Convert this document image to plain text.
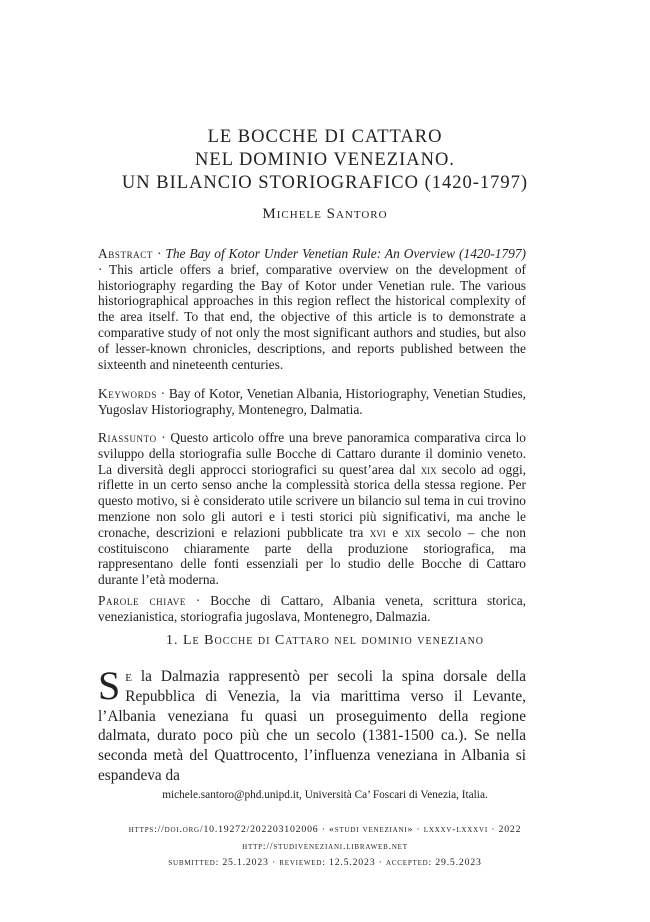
LE BOCCHE DI CATTARO
NEL DOMINIO VENEZIANO.
UN BILANCIO STORIOGRAFICO (1420-1797)
Michele Santoro
Abstract · The Bay of Kotor Under Venetian Rule: An Overview (1420-1797) · This article offers a brief, comparative overview on the development of historiography regarding the Bay of Kotor under Venetian rule. The various historiographical approaches in this region reflect the historical complexity of the area itself. To that end, the objective of this article is to demonstrate a comparative study of not only the most significant authors and studies, but also of lesser-known chronicles, descriptions, and reports published between the sixteenth and nineteenth centuries.
Keywords · Bay of Kotor, Venetian Albania, Historiography, Venetian Studies, Yugoslav Historiography, Montenegro, Dalmatia.
Riassunto · Questo articolo offre una breve panoramica comparativa circa lo sviluppo della storiografia sulle Bocche di Cattaro durante il dominio veneto. La diversità degli approcci storiografici su quest’area dal xix secolo ad oggi, riflette in un certo senso anche la complessità storica della stessa regione. Per questo motivo, si è considerato utile scrivere un bilancio sul tema in cui trovino menzione non solo gli autori e i testi storici più significativi, ma anche le cronache, descrizioni e relazioni pubblicate tra xvi e xix secolo – che non costituiscono chiaramente parte della produzione storiografica, ma rappresentano delle fonti essenziali per lo studio delle Bocche di Cattaro durante l’età moderna.
Parole chiave · Bocche di Cattaro, Albania veneta, scrittura storica, venezianistica, storiografia jugoslava, Montenegro, Dalmazia.
1. Le Bocche di Cattaro nel dominio veneziano
Se la Dalmazia rappresentò per secoli la spina dorsale della Repubblica di Venezia, la via marittima verso il Levante, l’Albania veneziana fu quasi un proseguimento della regione dalmata, durato poco più che un secolo (1381-1500 ca.). Se nella seconda metà del Quattrocento, l’influenza veneziana in Albania si espandeva da
michele.santoro@phd.unipd.it, Università Ca’ Foscari di Venezia, Italia.
https://doi.org/10.19272/202203102006 · «studi veneziani» · lxxxv-lxxxvi · 2022
http://studiveneziani.libraweb.net
submitted: 25.1.2023 · reviewed: 12.5.2023 · accepted: 29.5.2023
